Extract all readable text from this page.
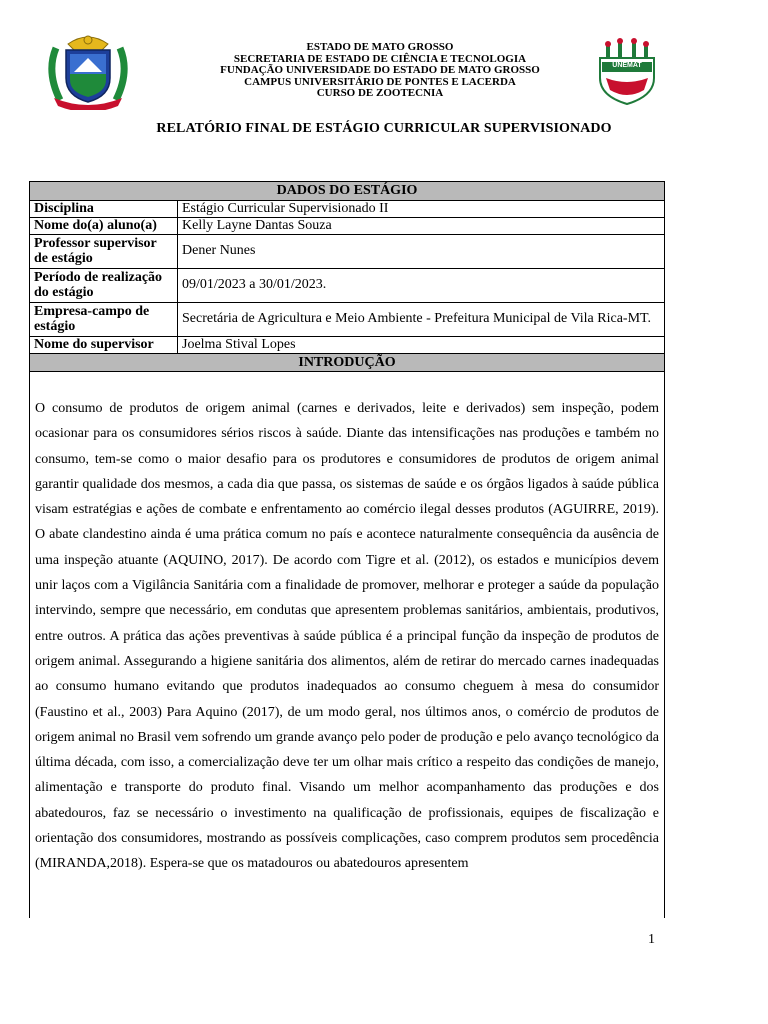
UNEMAT
ESTADO DE MATO GROSSO
SECRETARIA DE ESTADO DE CIÊNCIA E TECNOLOGIA
FUNDAÇÃO UNIVERSIDADE DO ESTADO DE MATO GROSSO
CAMPUS UNIVERSITÁRIO DE PONTES E LACERDA
CURSO DE ZOOTECNIA
RELATÓRIO FINAL DE ESTÁGIO CURRICULAR SUPERVISIONADO
DADOS DO ESTÁGIO	
Disciplina	Estágio Curricular Supervisionado II
Nome do(a) aluno(a)	Kelly Layne Dantas Souza
Professor supervisor de estágio	Dener Nunes
Período de realização do estágio	09/01/2023 a 30/01/2023.
Empresa-campo de estágio	Secretária de Agricultura e Meio Ambiente - Prefeitura Municipal de Vila Rica-MT.
Nome do supervisor	Joelma Stival Lopes
INTRODUÇÃO	

O consumo de produtos de origem animal (carnes e derivados, leite e derivados) sem inspeção, podem ocasionar para os consumidores sérios riscos à saúde. Diante das intensificações nas produções e também no consumo, tem-se como o maior desafio para os produtores e consumidores de produtos de origem animal garantir qualidade dos mesmos, a cada dia que passa, os sistemas de saúde e os órgãos ligados à saúde pública visam estratégias e ações de combate e enfrentamento ao comércio ilegal desses produtos (AGUIRRE, 2019). O abate clandestino ainda é uma prática comum no país e acontece naturalmente consequência da ausência de uma inspeção atuante (AQUINO, 2017). De acordo com Tigre et al. (2012), os estados e municípios devem unir laços com a Vigilância Sanitária com a finalidade de promover, melhorar e proteger a saúde da população intervindo, sempre que necessário, em condutas que apresentem problemas sanitários, ambientais, produtivos, entre outros. A prática das ações preventivas à saúde pública é a principal função da inspeção de produtos de origem animal. Assegurando a higiene sanitária dos alimentos, além de retirar do mercado carnes inadequadas ao consumo humano evitando que produtos inadequados ao consumo cheguem à mesa do consumidor (Faustino et al., 2003) Para Aquino (2017), de um modo geral, nos últimos anos, o comércio de produtos de origem animal no Brasil vem sofrendo um grande avanço pelo poder de produção e pelo avanço tecnológico da última década, com isso, a comercialização deve ter um olhar mais crítico a respeito das condições de manejo, alimentação e transporte do produto final. Visando um melhor acompanhamento das produções e dos abatedouros, faz se necessário o investimento na qualificação de profissionais, equipes de fiscalização e orientação dos consumidores, mostrando as possíveis complicações, caso comprem produtos sem procedência (MIRANDA,2018). Espera-se que os matadouros ou abatedouros apresentem

1
